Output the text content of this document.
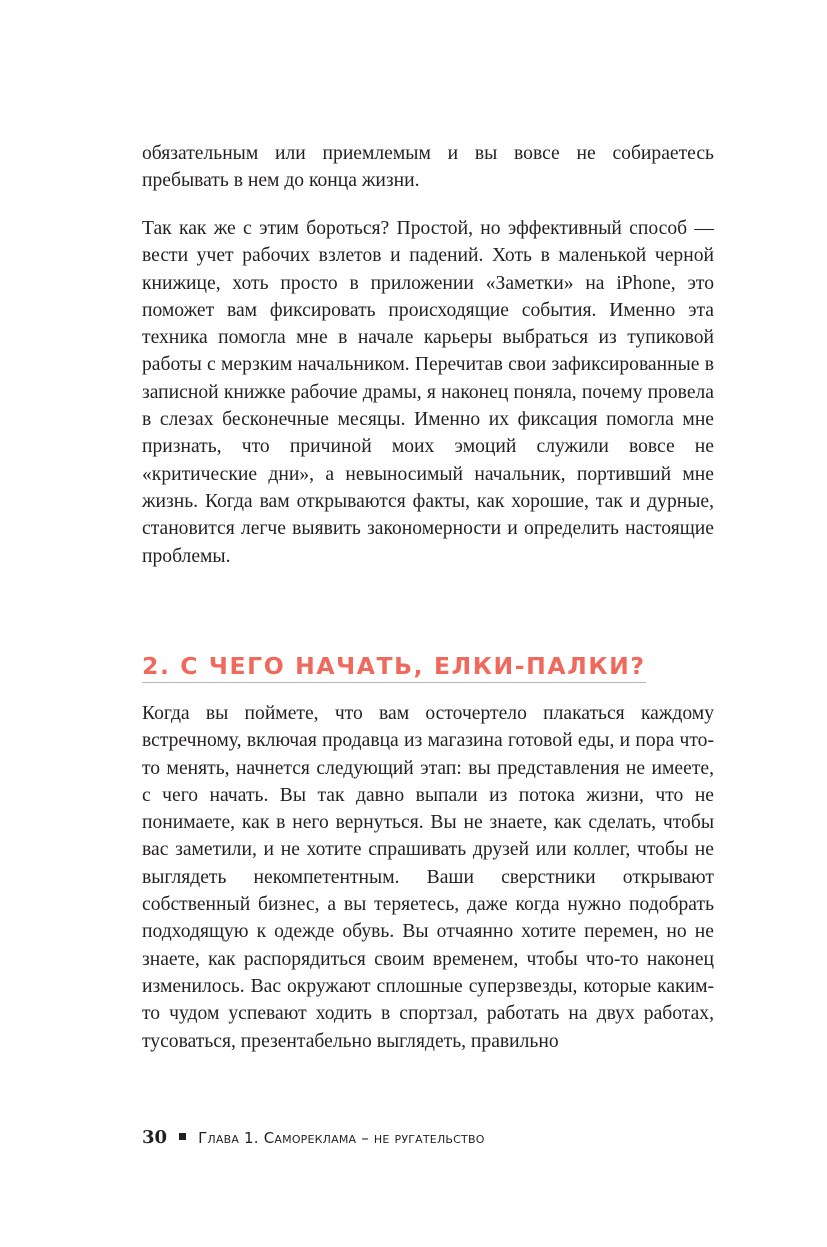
обязательным или приемлемым и вы вовсе не собираетесь пребывать в нем до конца жизни.

Так как же с этим бороться? Простой, но эффективный способ — вести учет рабочих взлетов и падений. Хоть в маленькой черной книжице, хоть просто в приложении «Заметки» на iPhone, это поможет вам фиксировать происходящие события. Именно эта техника помогла мне в начале карьеры выбраться из тупиковой работы с мерзким начальником. Перечитав свои зафиксированные в записной книжке рабочие драмы, я наконец поняла, почему провела в слезах бесконечные месяцы. Именно их фиксация помогла мне признать, что причиной моих эмоций служили вовсе не «критические дни», а невыносимый начальник, портивший мне жизнь. Когда вам открываются факты, как хорошие, так и дурные, становится легче выявить закономерности и определить настоящие проблемы.

2. С ЧЕГО НАЧАТЬ, ЕЛКИ-ПАЛКИ?

Когда вы поймете, что вам осточертело плакаться каждому встречному, включая продавца из магазина готовой еды, и пора что-то менять, начнется следующий этап: вы представления не имеете, с чего начать. Вы так давно выпали из потока жизни, что не понимаете, как в него вернуться. Вы не знаете, как сделать, чтобы вас заметили, и не хотите спрашивать друзей или коллег, чтобы не выглядеть некомпетентным. Ваши сверстники открывают собственный бизнес, а вы теряетесь, даже когда нужно подобрать подходящую к одежде обувь. Вы отчаянно хотите перемен, но не знаете, как распорядиться своим временем, чтобы что-то наконец изменилось. Вас окружают сплошные суперзвезды, которые каким-то чудом успевают ходить в спортзал, работать на двух работах, тусоваться, презентабельно выглядеть, правильно

30 Глава 1. Самореклама – не ругательство
